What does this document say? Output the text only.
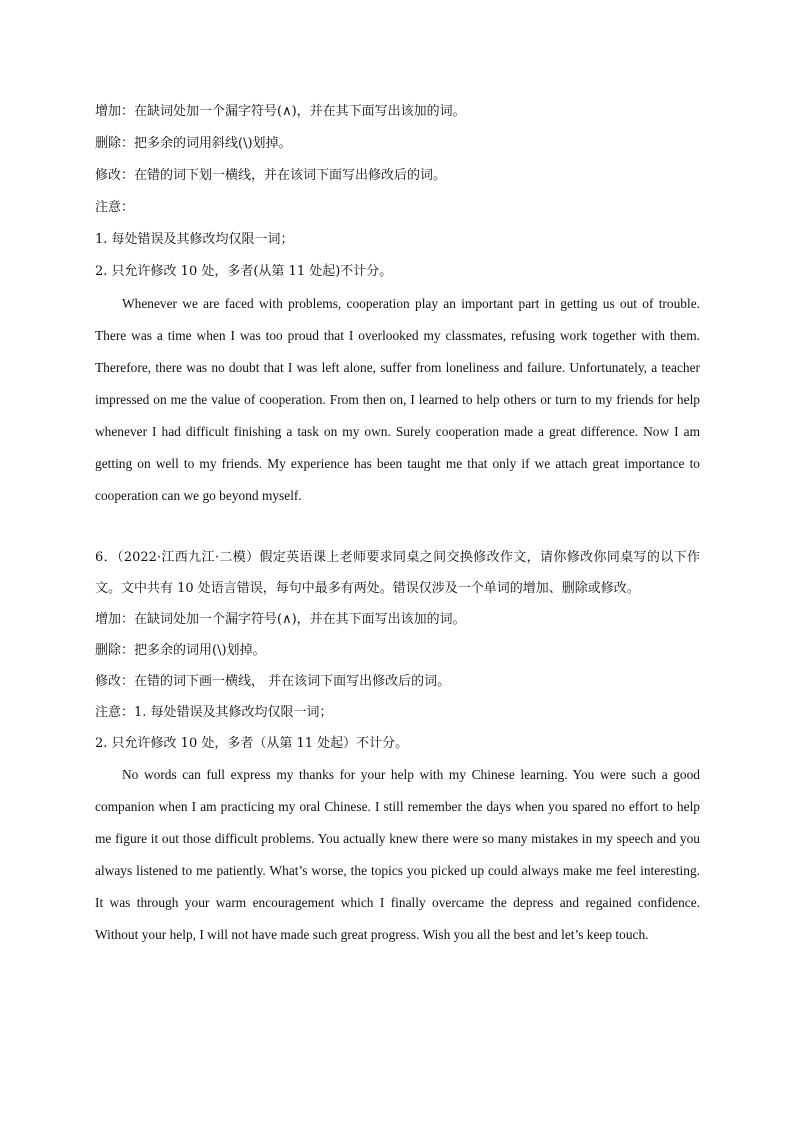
增加：在缺词处加一个漏字符号(∧)，并在其下面写出该加的词。

删除：把多余的词用斜线(\)划掉。

修改：在错的词下划一横线，并在该词下面写出修改后的词。

注意：

1. 每处错误及其修改均仅限一词；

2. 只允许修改 10 处，多者(从第 11 处起)不计分。

Whenever we are faced with problems, cooperation play an important part in getting us out of trouble. There was a time when I was too proud that I overlooked my classmates, refusing work together with them. Therefore, there was no doubt that I was left alone, suffer from loneliness and failure. Unfortunately, a teacher impressed on me the value of cooperation. From then on, I learned to help others or turn to my friends for help whenever I had difficult finishing a task on my own. Surely cooperation made a great difference. Now I am getting on well to my friends. My experience has been taught me that only if we attach great importance to cooperation can we go beyond myself.

6．（2022·江西九江·二模）假定英语课上老师要求同桌之间交换修改作文，请你修改你同桌写的以下作文。文中共有 10 处语言错误，每句中最多有两处。错误仅涉及一个单词的增加、删除或修改。

增加：在缺词处加一个漏字符号(∧)，并在其下面写出该加的词。

删除：把多余的词用(\)划掉。

修改：在错的词下画一横线， 并在该词下面写出修改后的词。

注意：1. 每处错误及其修改均仅限一词；

2. 只允许修改 10 处，多者（从第 11 处起）不计分。

No words can full express my thanks for your help with my Chinese learning. You were such a good companion when I am practicing my oral Chinese. I still remember the days when you spared no effort to help me figure it out those difficult problems. You actually knew there were so many mistakes in my speech and you always listened to me patiently. What’s worse, the topics you picked up could always make me feel interesting. It was through your warm encouragement which I finally overcame the depress and regained confidence. Without your help, I will not have made such great progress. Wish you all the best and let’s keep touch.
